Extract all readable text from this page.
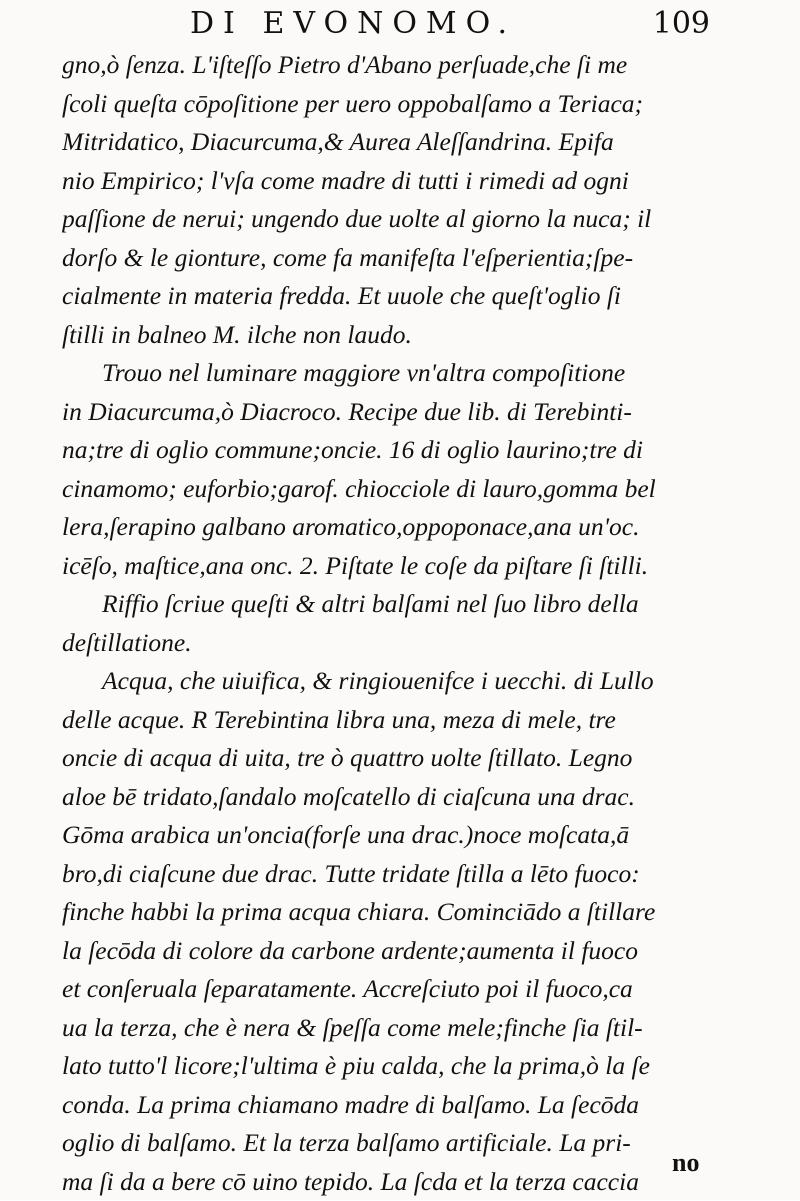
DI EVONOMO.	109
gno,ò ſenza. L'iſteſſo Pietro d'Abano perſuade,che ſi me
ſcoli queſta cōpoſitione per uero oppobalſamo a Teriaca;
Mitridatico, Diacurcuma,& Aurea Aleſſandrina. Epifa
nio Empirico; l'vſa come madre di tutti i rimedi ad ogni
paſſione de nerui; ungendo due uolte al giorno la nuca; il
dorſo & le gionture, come fa manifeſta l'eſperientia;ſpe-
cialmente in materia fredda. Et uuole che queſt'oglio ſi
ſtilli in balneo M. ilche non laudo.
Trouo nel luminare maggiore vn'altra compoſitione
in Diacurcuma,ò Diacroco. Recipe due lib. di Terebinti-
na;tre di oglio commune;oncie. 16 di oglio laurino;tre di
cinamomo; euforbio;garof. chiocciole di lauro,gomma bel
lera,ſerapino galbano aromatico,oppoponace,ana un'oc.
icēſo, maſtice,ana onc. 2. Piſtate le coſe da piſtare ſi ſtilli.
Riffio ſcriue queſti & altri balſami nel ſuo libro della
deſtillatione.
Acqua, che uiuifica, & ringiouenifce i uecchi. di Lullo
delle acque. R Terebintina libra una, meza di mele, tre
oncie di acqua di uita, tre ò quattro uolte ſtillato. Legno
aloe bē tridato,ſandalo moſcatello di ciaſcuna una drac.
Gōma arabica un'oncia(forſe una drac.)noce moſcata,ā
bro,di ciaſcune due drac. Tutte tridate ſtilla a lēto fuoco:
finche habbi la prima acqua chiara. Cominciādo a ſtillare
la ſecōda di colore da carbone ardente;aumenta il fuoco
et conſeruala ſeparatamente. Accreſciuto poi il fuoco,ca
ua la terza, che è nera & ſpeſſa come mele;finche ſia ſtil-
lato tutto'l licore;l'ultima è piu calda, che la prima,ò la ſe
conda. La prima chiamano madre di balſamo. La ſecōda
oglio di balſamo. Et la terza balſamo artificiale. La pri-
ma ſi da a bere cō uino tepido. La ſcda et la terza caccia
no
